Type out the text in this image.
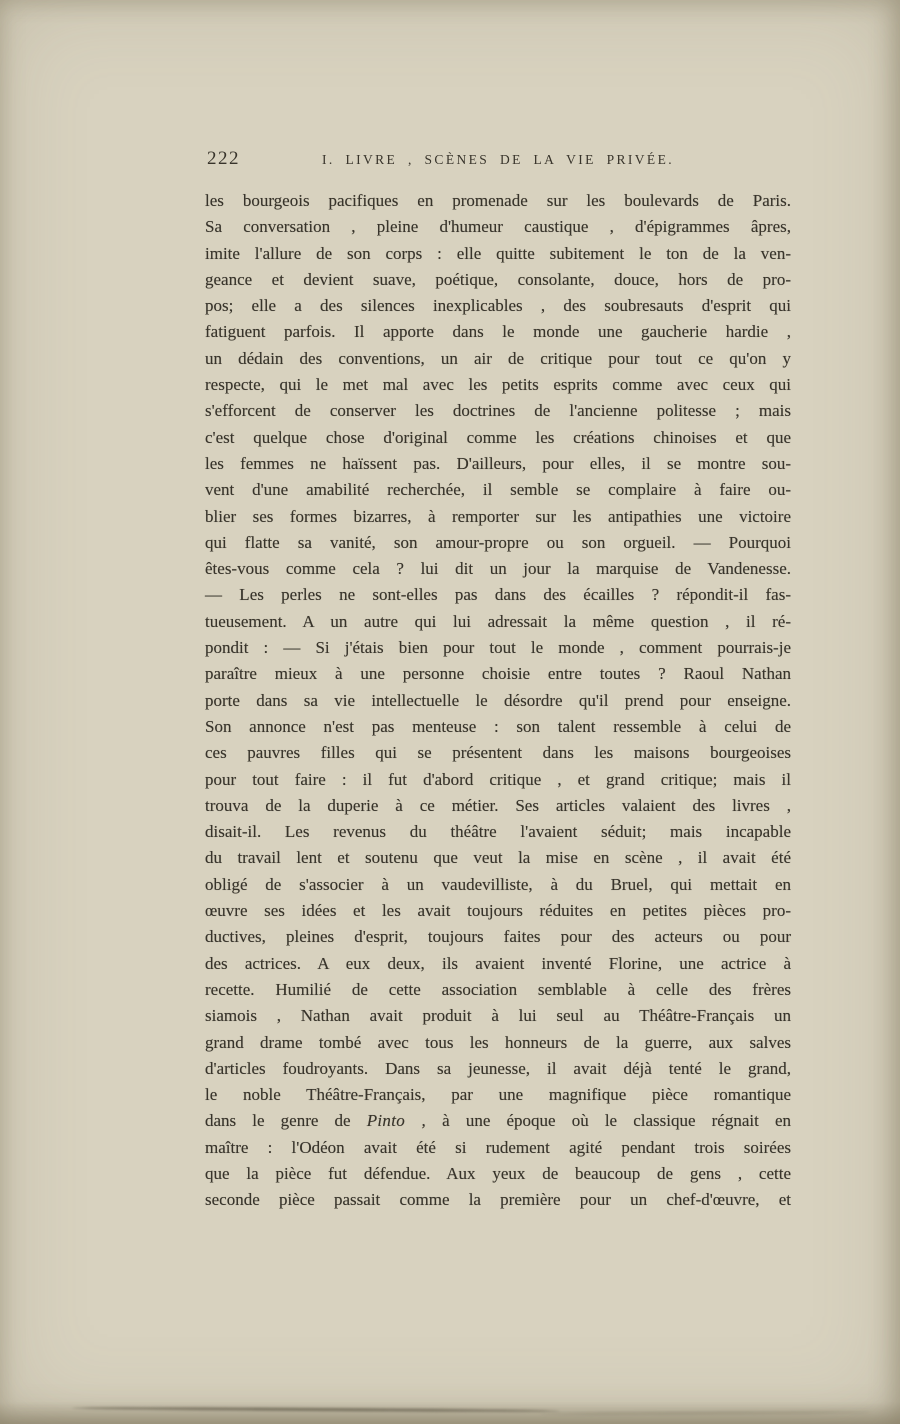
222	I. LIVRE , SCÈNES DE LA VIE PRIVÉE.
les bourgeois pacifiques en promenade sur les boulevards de Paris.
Sa conversation , pleine d'humeur caustique , d'épigrammes âpres,
imite l'allure de son corps : elle quitte subitement le ton de la ven-
geance et devient suave, poétique, consolante, douce, hors de pro-
pos; elle a des silences inexplicables , des soubresauts d'esprit qui
fatiguent parfois. Il apporte dans le monde une gaucherie hardie ,
un dédain des conventions, un air de critique pour tout ce qu'on y
respecte, qui le met mal avec les petits esprits comme avec ceux qui
s'efforcent de conserver les doctrines de l'ancienne politesse ; mais
c'est quelque chose d'original comme les créations chinoises et que
les femmes ne haïssent pas. D'ailleurs, pour elles, il se montre sou-
vent d'une amabilité recherchée, il semble se complaire à faire ou-
blier ses formes bizarres, à remporter sur les antipathies une victoire
qui flatte sa vanité, son amour-propre ou son orgueil. — Pourquoi
êtes-vous comme cela ? lui dit un jour la marquise de Vandenesse.
— Les perles ne sont-elles pas dans des écailles ? répondit-il fas-
tueusement. A un autre qui lui adressait la même question , il ré-
pondit : — Si j'étais bien pour tout le monde , comment pourrais-je
paraître mieux à une personne choisie entre toutes ? Raoul Nathan
porte dans sa vie intellectuelle le désordre qu'il prend pour enseigne.
Son annonce n'est pas menteuse : son talent ressemble à celui de
ces pauvres filles qui se présentent dans les maisons bourgeoises
pour tout faire : il fut d'abord critique , et grand critique; mais il
trouva de la duperie à ce métier. Ses articles valaient des livres ,
disait-il. Les revenus du théâtre l'avaient séduit; mais incapable
du travail lent et soutenu que veut la mise en scène , il avait été
obligé de s'associer à un vaudevilliste, à du Bruel, qui mettait en
œuvre ses idées et les avait toujours réduites en petites pièces pro-
ductives, pleines d'esprit, toujours faites pour des acteurs ou pour
des actrices. A eux deux, ils avaient inventé Florine, une actrice à
recette. Humilié de cette association semblable à celle des frères
siamois , Nathan avait produit à lui seul au Théâtre-Français un
grand drame tombé avec tous les honneurs de la guerre, aux salves
d'articles foudroyants. Dans sa jeunesse, il avait déjà tenté le grand,
le noble Théâtre-Français, par une magnifique pièce romantique
dans le genre de Pinto , à une époque où le classique régnait en
maître : l'Odéon avait été si rudement agité pendant trois soirées
que la pièce fut défendue. Aux yeux de beaucoup de gens , cette
seconde pièce passait comme la première pour un chef-d'œuvre, et
